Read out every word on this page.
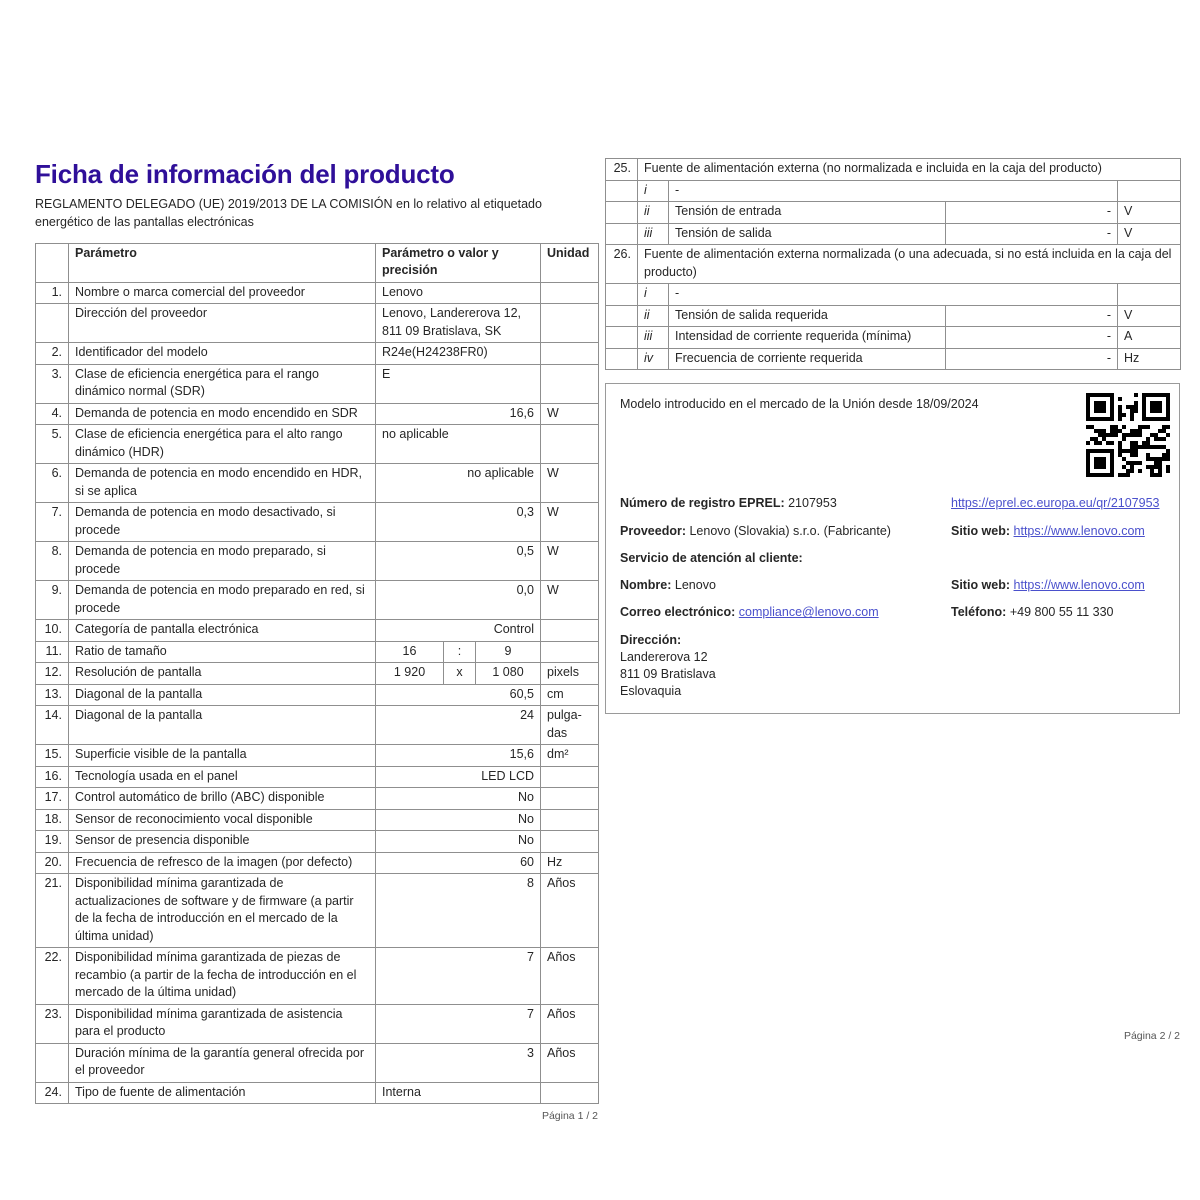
Ficha de información del producto

REGLAMENTO DELEGADO (UE) 2019/2013 DE LA COMISIÓN en lo relativo al etiquetado energético de las pantallas electrónicas

	Parámetro	Parámetro o valor y precisión			Unidad
1.	Nombre o marca comercial del proveedor	Lenovo			
	Dirección del proveedor	Lenovo, Landererova 12, 811 09 Bratislava, SK			
2.	Identificador del modelo	R24e(H24238FR0)			
3.	Clase de eficiencia energética para el rango dinámico normal (SDR)	E			
4.	Demanda de potencia en modo encendido en SDR	16,6			W
5.	Clase de eficiencia energética para el alto rango dinámico (HDR)	no aplicable			
6.	Demanda de potencia en modo encendido en HDR, si se aplica	no aplicable			W
7.	Demanda de potencia en modo desactivado, si procede	0,3			W
8.	Demanda de potencia en modo preparado, si procede	0,5			W
9.	Demanda de potencia en modo preparado en red, si procede	0,0			W
10.	Categoría de pantalla electrónica	Control			
11.	Ratio de tamaño	16	:	9	
12.	Resolución de pantalla	1 920	x	1 080	pixels
13.	Diagonal de la pantalla	60,5			cm
14.	Diagonal de la pantalla	24			pulga-das
15.	Superficie visible de la pantalla	15,6			dm²
16.	Tecnología usada en el panel	LED LCD			
17.	Control automático de brillo (ABC) disponible	No			
18.	Sensor de reconocimiento vocal disponible	No			
19.	Sensor de presencia disponible	No			
20.	Frecuencia de refresco de la imagen (por defecto)	60			Hz
21.	Disponibilidad mínima garantizada de actualizaciones de software y de firmware (a partir de la fecha de introducción en el mercado de la última unidad)	8			Años
22.	Disponibilidad mínima garantizada de piezas de recambio (a partir de la fecha de introducción en el mercado de la última unidad)	7			Años
23.	Disponibilidad mínima garantizada de asistencia para el producto	7			Años
	Duración mínima de la garantía general ofrecida por el proveedor	3			Años
24.	Tipo de fuente de alimentación	Interna			
Página 1 / 2
25.	Fuente de alimentación externa (no normalizada e incluida en la caja del producto)			
	i	-		
	ii	Tensión de entrada	-	V
	iii	Tensión de salida	-	V
26.	Fuente de alimentación externa normalizada (o una adecuada, si no está incluida en la caja del producto)			
	i	-		
	ii	Tensión de salida requerida	-	V
	iii	Intensidad de corriente requerida (mínima)	-	A
	iv	Frecuencia de corriente requerida	-	Hz
Modelo introducido en el mercado de la Unión desde 18/09/2024
Número de registro EPREL: 2107953	https://eprel.ec.europa.eu/qr/2107953
Proveedor: Lenovo (Slovakia) s.r.o. (Fabricante)	Sitio web: https://www.lenovo.com
Servicio de atención al cliente:
Nombre: Lenovo	Sitio web: https://www.lenovo.com
Correo electrónico: compliance@lenovo.com	Teléfono: +49 800 55 11 330
Dirección:
Landererova 12
811 09 Bratislava
Eslovaquia
Página 2 / 2
